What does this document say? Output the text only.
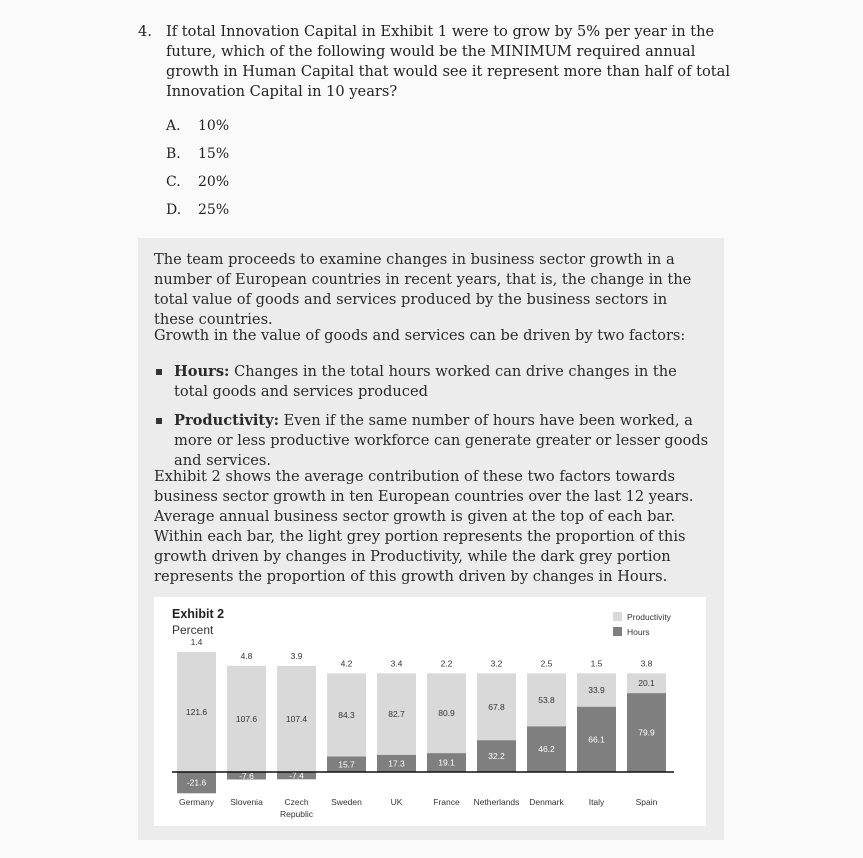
4. If total Innovation Capital in Exhibit 1 were to grow by 5% per year in the future, which of the following would be the MINIMUM required annual growth in Human Capital that would see it represent more than half of total Innovation Capital in 10 years?
A.	10%
B.	15%
C.	20%
D.	25%

The team proceeds to examine changes in business sector growth in a number of European countries in recent years, that is, the change in the total value of goods and services produced by the business sectors in these countries.

Growth in the value of goods and services can be driven by two factors:

Hours: Changes in the total hours worked can drive changes in the total goods and services produced
Productivity: Even if the same number of hours have been worked, a more or less productive workforce can generate greater or lesser goods and services.

Exhibit 2 shows the average contribution of these two factors towards business sector growth in ten European countries over the last 12 years. Average annual business sector growth is given at the top of each bar. Within each bar, the light grey portion represents the proportion of this growth driven by changes in Productivity, while the dark grey portion represents the proportion of this growth driven by changes in Hours.

Exhibit 2
Percent
Productivity
Hours
1.4
121.6
-21.6
Germany
4.8
107.6
-7.6
Slovenia
3.9
107.4
-7.4
Czech
Republic
4.2
84.3
15.7
Sweden
3.4
82.7
17.3
UK
2.2
80.9
19.1
France
3.2
67.8
32.2
Netherlands
2.5
53.8
46.2
Denmark
1.5
33.9
66.1
Italy
3.8
20.1
79.9
Spain
